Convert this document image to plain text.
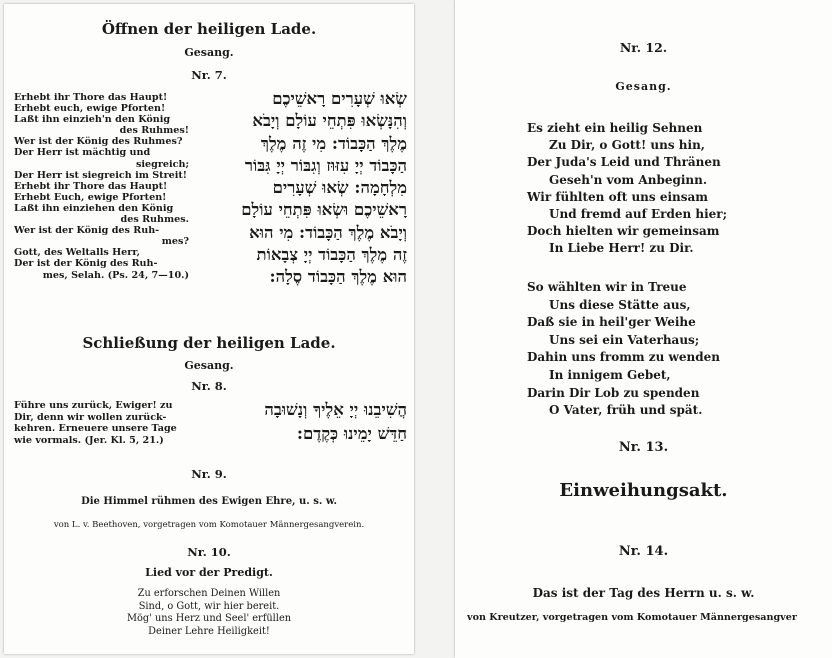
Öffnen der heiligen Lade.
Gesang.
Nr. 7.
Erhebt ihr Thore das Haupt!
Erhebt euch, ewige Pforten!
Laßt ihn einzieh'n den König
des Ruhmes!
Wer ist der König des Ruhmes?
Der Herr ist mächtig und
siegreich;
Der Herr ist siegreich im Streit!
Erhebt ihr Thore das Haupt!
Erhebt Euch, ewige Pforten!
Laßt ihn einziehen den König
des Ruhmes.
Wer ist der König des Ruh-
mes?
Gott, des Weltalls Herr,
Der ist der König des Ruh-
mes, Selah. (Ps. 24, 7—10.)
שְׂאוּ שְׁעָרִים רָאשֵׁיכֶם
וְהִנָּשְׂאוּ פִּתְחֵי עוֹלָם וְיָבֹא
מֶלֶךְ הַכָּבוֹד: מִי זֶה מֶלֶךְ
הַכָּבוֹד יְיָ עִזּוּז וְגִבּוֹר יְיָ גִּבּוֹר
מִלְחָמָה: שְׂאוּ שְׁעָרִים
רָאשֵׁיכֶם וּשְׂאוּ פִּתְחֵי עוֹלָם
וְיָבֹא מֶלֶךְ הַכָּבוֹד: מִי הוּא
זֶה מֶלֶךְ הַכָּבוֹד יְיָ צְבָאוֹת
הוּא מֶלֶךְ הַכָּבוֹד סֶלָה:
Schließung der heiligen Lade.
Gesang.
Nr. 8.
Führe uns zurück, Ewiger! zu
Dir, denn wir wollen zurück-
kehren. Erneuere unsere Tage
wie vormals. (Jer. Kl. 5, 21.)
הֲשִׁיבֵנוּ יְיָ אֵלֶיךָ וְנָשׁוּבָה
חַדֵּשׁ יָמֵינוּ כְּקֶדֶם:
Nr. 9.
Die Himmel rühmen des Ewigen Ehre, u. s. w.
von L. v. Beethoven, vorgetragen vom Komotauer Männergesangverein.
Nr. 10.
Lied vor der Predigt.
Zu erforschen Deinen Willen
Sind, o Gott, wir hier bereit.
Mög' uns Herz und Seel' erfüllen
Deiner Lehre Heiligkeit!
Nr. 12.
Gesang.
Es zieht ein heilig Sehnen
Zu Dir, o Gott! uns hin,
Der Juda's Leid und Thränen
Geseh'n vom Anbeginn.
Wir fühlten oft uns einsam
Und fremd auf Erden hier;
Doch hielten wir gemeinsam
In Liebe Herr! zu Dir.
So wählten wir in Treue
Uns diese Stätte aus,
Daß sie in heil'ger Weihe
Uns sei ein Vaterhaus;
Dahin uns fromm zu wenden
In innigem Gebet,
Darin Dir Lob zu spenden
O Vater, früh und spät.
Nr. 13.
Einweihungsakt.
Nr. 14.
Das ist der Tag des Herrn u. s. w.
von Kreutzer, vorgetragen vom Komotauer Männergesangver
